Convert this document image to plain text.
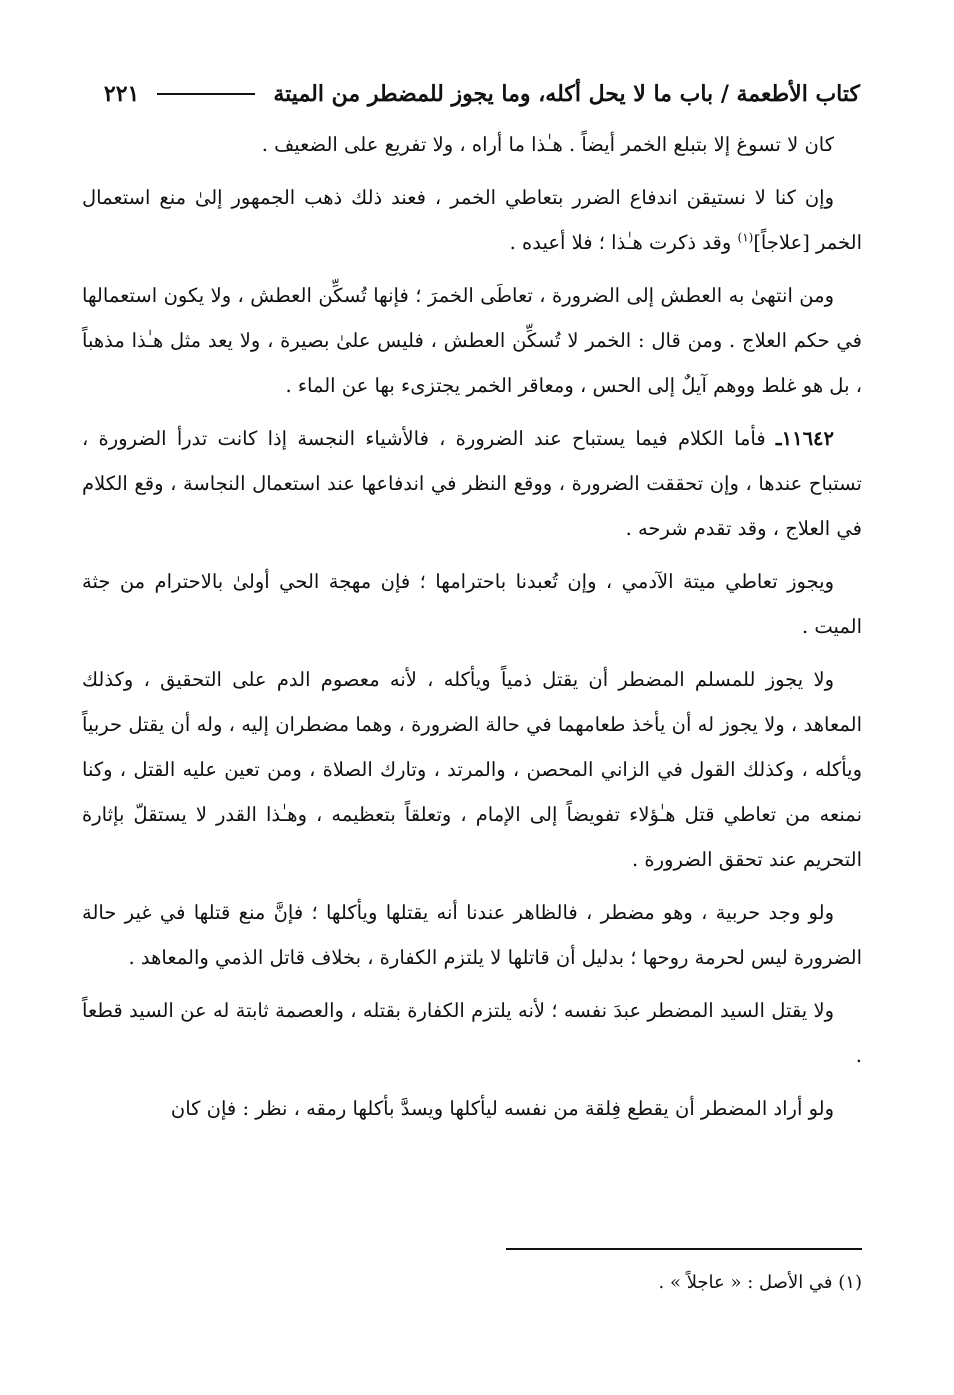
كتاب الأطعمة / باب ما لا يحل أكله، وما يجوز للمضطر من الميتة
٢٢١

كان لا تسوغ إلا بتبلع الخمر أيضاً . هـٰذا ما أراه ، ولا تفريع على الضعيف .

وإن كنا لا نستيقن اندفاع الضرر بتعاطي الخمر ، فعند ذلك ذهب الجمهور إلىٰ منع استعمال الخمر [علاجاً]$^{(١)}$ وقد ذكرت هـٰذا ؛ فلا أعيده .

ومن انتهىٰ به العطش إلى الضرورة ، تعاطَى الخمرَ ؛ فإنها تُسكِّن العطش ، ولا يكون استعمالها في حكم العلاج . ومن قال : الخمر لا تُسكِّن العطش ، فليس علىٰ بصيرة ، ولا يعد مثل هـٰذا مذهباً ، بل هو غلط ووهم آيلٌ إلى الحس ، ومعاقر الخمر يجتزىء بها عن الماء .

١١٦٤٢ـ فأما الكلام فيما يستباح عند الضرورة ، فالأشياء النجسة إذا كانت تدرأ الضرورة ، تستباح عندها ، وإن تحققت الضرورة ، ووقع النظر في اندفاعها عند استعمال النجاسة ، وقع الكلام في العلاج ، وقد تقدم شرحه .

ويجوز تعاطي ميتة الآدمي ، وإن تُعبدنا باحترامها ؛ فإن مهجة الحي أولىٰ بالاحترام من جثة الميت .

ولا يجوز للمسلم المضطر أن يقتل ذمياً ويأكله ، لأنه معصوم الدم على التحقيق ، وكذلك المعاهد ، ولا يجوز له أن يأخذ طعامهما في حالة الضرورة ، وهما مضطران إليه ، وله أن يقتل حربياً ويأكله ، وكذلك القول في الزاني المحصن ، والمرتد ، وتارك الصلاة ، ومن تعين عليه القتل ، وكنا نمنعه من تعاطي قتل هـٰؤلاء تفويضاً إلى الإمام ، وتعلقاً بتعظيمه ، وهـٰذا القدر لا يستقلّ بإثارة التحريم عند تحقق الضرورة .

ولو وجد حربية ، وهو مضطر ، فالظاهر عندنا أنه يقتلها ويأكلها ؛ فإنَّ منع قتلها في غير حالة الضرورة ليس لحرمة روحها ؛ بدليل أن قاتلها لا يلتزم الكفارة ، بخلاف قاتل الذمي والمعاهد .

ولا يقتل السيد المضطر عبدَ نفسه ؛ لأنه يلتزم الكفارة بقتله ، والعصمة ثابتة له عن السيد قطعاً .

ولو أراد المضطر أن يقطع فِلقة من نفسه ليأكلها ويسدَّ بأكلها رمقه ، نظر : فإن كان

(١) في الأصل : « عاجلاً » .
